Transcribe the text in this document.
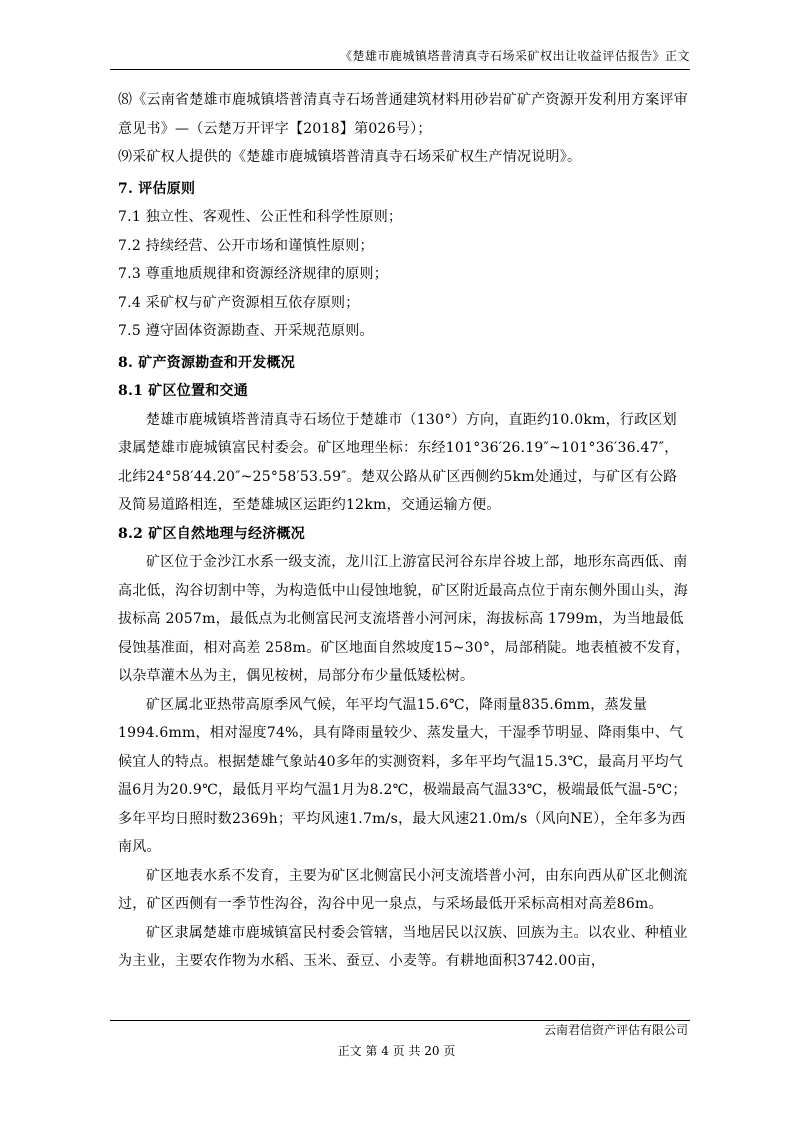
《楚雄市鹿城镇塔普清真寺石场采矿权出让收益评估报告》正文

⑻《云南省楚雄市鹿城镇塔普清真寺石场普通建筑材料用砂岩矿矿产资源开发利用方案评审意见书》—（云楚万开评字【2018】第026号）；

⑼采矿权人提供的《楚雄市鹿城镇塔普清真寺石场采矿权生产情况说明》。

7. 评估原则

7.1 独立性、客观性、公正性和科学性原则；

7.2 持续经营、公开市场和谨慎性原则；

7.3 尊重地质规律和资源经济规律的原则；

7.4 采矿权与矿产资源相互依存原则；

7.5 遵守固体资源勘查、开采规范原则。

8. 矿产资源勘查和开发概况

8.1 矿区位置和交通

楚雄市鹿城镇塔普清真寺石场位于楚雄市（130°）方向，直距约10.0km，行政区划隶属楚雄市鹿城镇富民村委会。矿区地理坐标：东经101°36′26.19″~101°36′36.47″，北纬24°58′44.20″~25°58′53.59″。楚双公路从矿区西侧约5km处通过，与矿区有公路及简易道路相连，至楚雄城区运距约12km，交通运输方便。

8.2 矿区自然地理与经济概况

矿区位于金沙江水系一级支流，龙川江上游富民河谷东岸谷坡上部，地形东高西低、南高北低，沟谷切割中等，为构造低中山侵蚀地貌，矿区附近最高点位于南东侧外围山头，海拔标高 2057m，最低点为北侧富民河支流塔普小河河床，海拔标高 1799m，为当地最低侵蚀基准面，相对高差 258m。矿区地面自然坡度15~30°，局部稍陡。地表植被不发育，以杂草灌木丛为主，偶见桉树，局部分布少量低矮松树。

矿区属北亚热带高原季风气候，年平均气温15.6℃，降雨量835.6mm，蒸发量1994.6mm，相对湿度74%，具有降雨量较少、蒸发量大，干湿季节明显、降雨集中、气候宜人的特点。根据楚雄气象站40多年的实测资料，多年平均气温15.3℃，最高月平均气温6月为20.9℃，最低月平均气温1月为8.2℃，极端最高气温33℃，极端最低气温-5℃；多年平均日照时数2369h；平均风速1.7m/s，最大风速21.0m/s（风向NE），全年多为西南风。

矿区地表水系不发育，主要为矿区北侧富民小河支流塔普小河，由东向西从矿区北侧流过，矿区西侧有一季节性沟谷，沟谷中见一泉点，与采场最低开采标高相对高差86m。

矿区隶属楚雄市鹿城镇富民村委会管辖，当地居民以汉族、回族为主。以农业、种植业为主业，主要农作物为水稻、玉米、蚕豆、小麦等。有耕地面积3742.00亩，

云南君信资产评估有限公司
正文 第 4 页 共 20 页
